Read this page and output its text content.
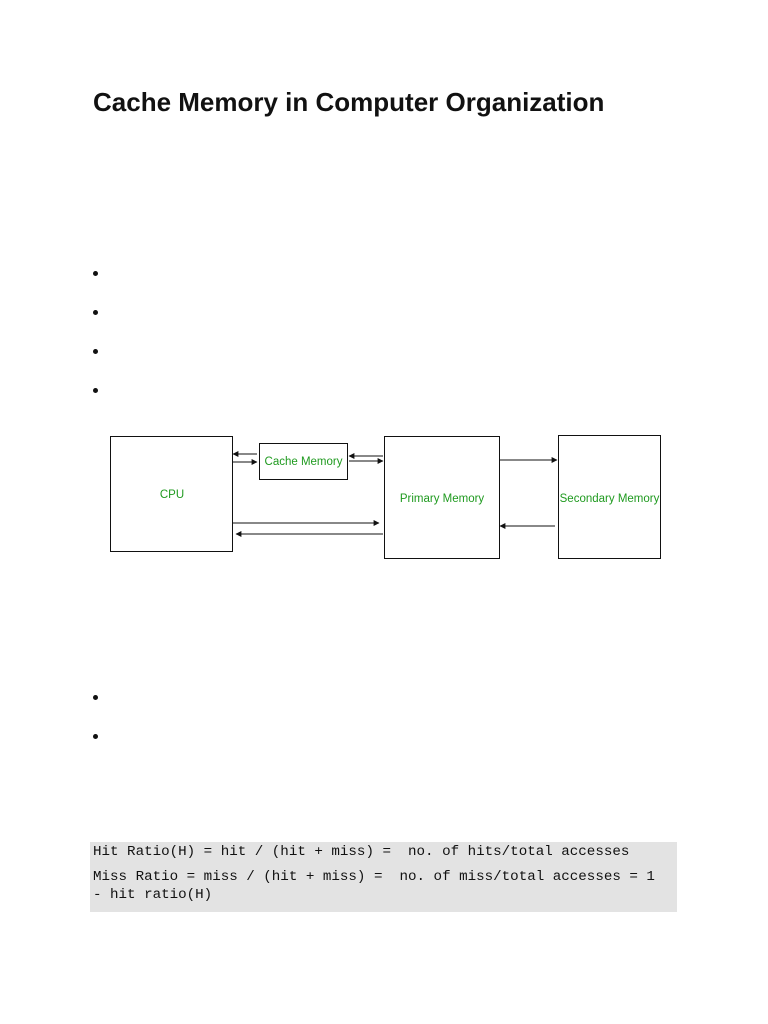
Cache Memory in Computer Organization
CPU
Cache Memory
Primary Memory	Secondary Memory

Hit Ratio(H) = hit / (hit + miss) =  no. of hits/total accesses

Miss Ratio = miss / (hit + miss) =  no. of miss/total accesses = 1 - hit ratio(H)
